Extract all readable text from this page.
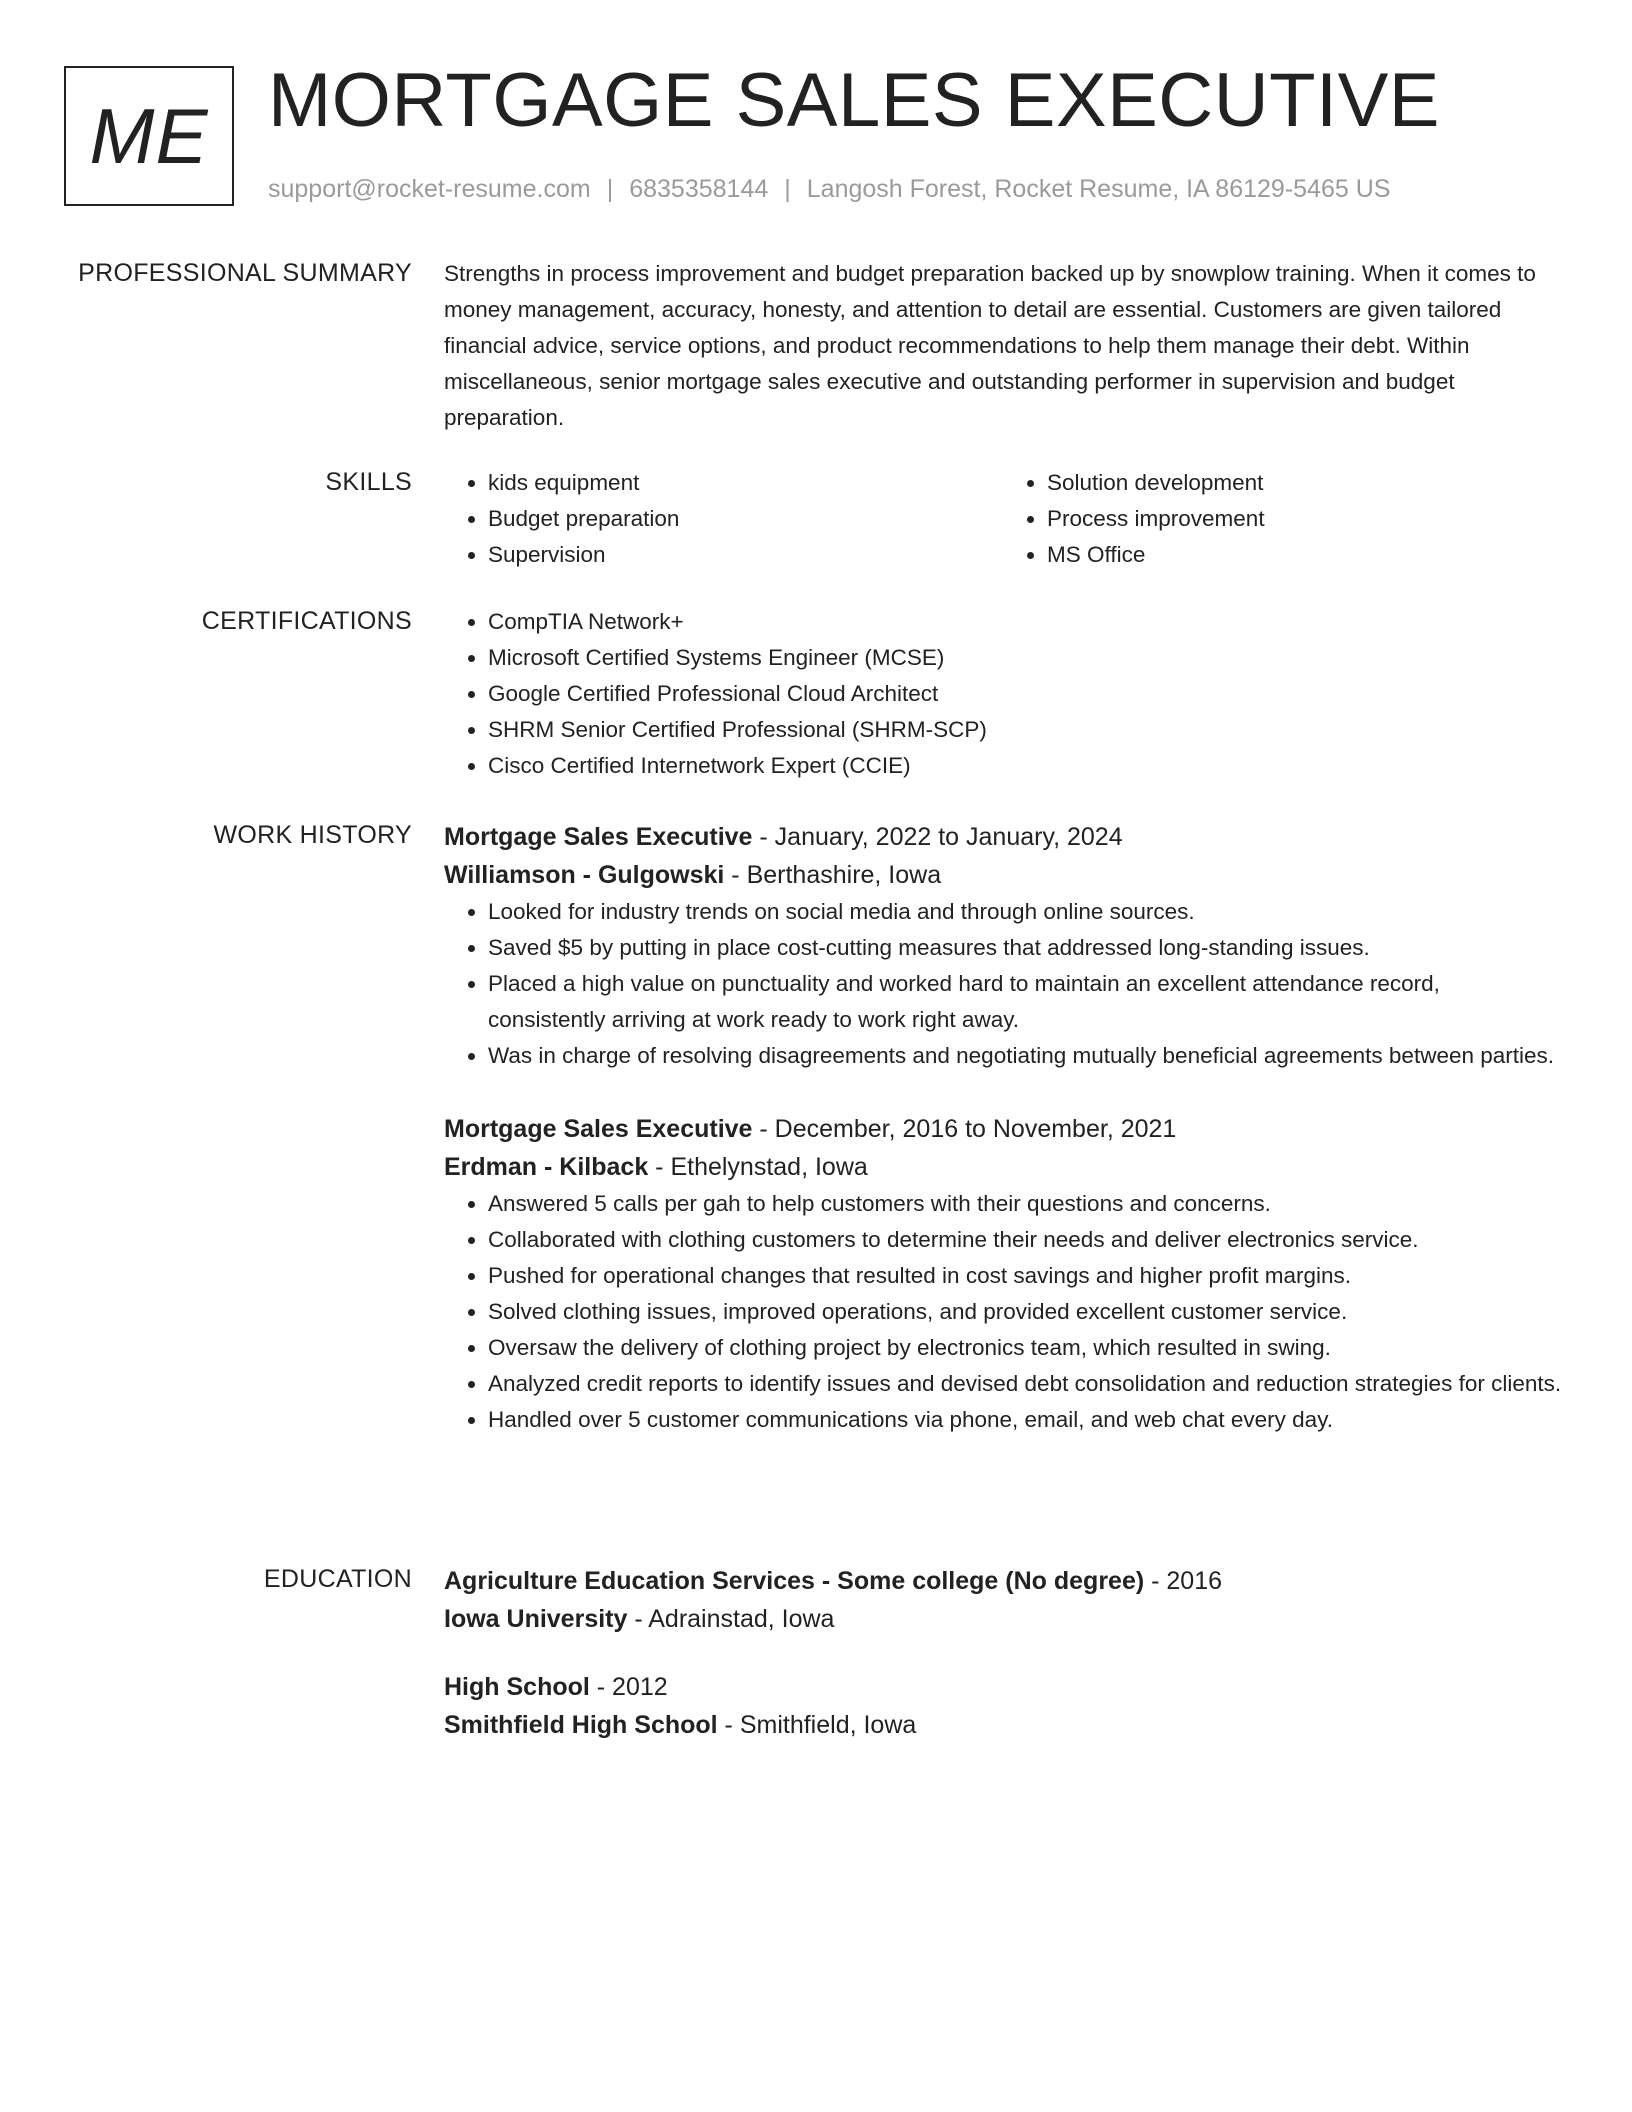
ME MORTGAGE SALES EXECUTIVE
support@rocket-resume.com | 6835358144 | Langosh Forest, Rocket Resume, IA 86129-5465 US
PROFESSIONAL SUMMARY Strengths in process improvement and budget preparation backed up by snowplow training. When it comes to money management, accuracy, honesty, and attention to detail are essential. Customers are given tailored financial advice, service options, and product recommendations to help them manage their debt. Within miscellaneous, senior mortgage sales executive and outstanding performer in supervision and budget preparation.

SKILLS	• kids equipment
• Budget preparation
• Supervision
• Solution development
• Process improvement
• MS Office
CERTIFICATIONS	• CompTIA Network+
• Microsoft Certified Systems Engineer (MCSE)
• Google Certified Professional Cloud Architect
• SHRM Senior Certified Professional (SHRM-SCP)
• Cisco Certified Internetwork Expert (CCIE)
WORK HISTORY Mortgage Sales Executive - January, 2022 to January, 2024
Williamson - Gulgowski - Berthashire, Iowa
• Looked for industry trends on social media and through online sources.
• Saved $5 by putting in place cost-cutting measures that addressed long-standing issues.
• Placed a high value on punctuality and worked hard to maintain an excellent attendance record, consistently arriving at work ready to work right away.
• Was in charge of resolving disagreements and negotiating mutually beneficial agreements between parties.
Mortgage Sales Executive - December, 2016 to November, 2021
Erdman - Kilback - Ethelynstad, Iowa
• Answered 5 calls per gah to help customers with their questions and concerns.
• Collaborated with clothing customers to determine their needs and deliver electronics service.
• Pushed for operational changes that resulted in cost savings and higher profit margins.
• Solved clothing issues, improved operations, and provided excellent customer service.
• Oversaw the delivery of clothing project by electronics team, which resulted in swing.
• Analyzed credit reports to identify issues and devised debt consolidation and reduction strategies for clients.
• Handled over 5 customer communications via phone, email, and web chat every day.
EDUCATION Agriculture Education Services - Some college (No degree) - 2016
Iowa University - Adrainstad, Iowa
High School - 2012
Smithfield High School - Smithfield, Iowa
